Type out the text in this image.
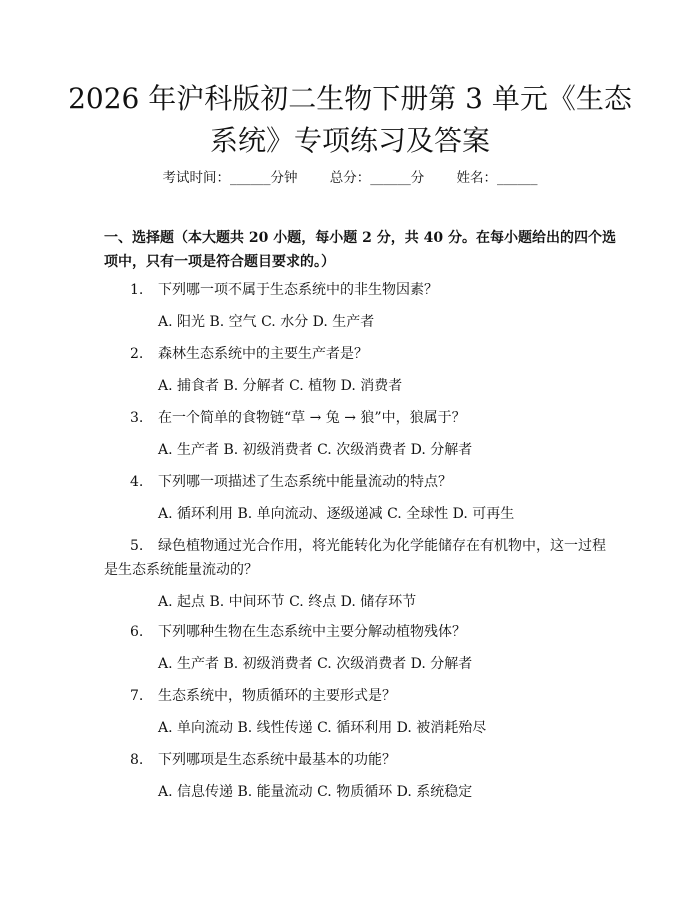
2026 年沪科版初二生物下册第 3 单元《生态
系统》专项练习及答案
考试时间：______分钟 总分：______分 姓名：______
一、选择题（本大题共 20 小题，每小题 2 分，共 40 分。在每小题给出的四个选
项中，只有一项是符合题目要求的。）
1.	下列哪一项不属于生态系统中的非生物因素？
A. 阳光 B. 空气 C. 水分 D. 生产者
2.	森林生态系统中的主要生产者是？
A. 捕食者 B. 分解者 C. 植物 D. 消费者
3.	在一个简单的食物链“草 → 兔 → 狼”中，狼属于？
A. 生产者 B. 初级消费者 C. 次级消费者 D. 分解者
4.	下列哪一项描述了生态系统中能量流动的特点？
A. 循环利用 B. 单向流动、逐级递减 C. 全球性 D. 可再生
5.	绿色植物通过光合作用，将光能转化为化学能储存在有机物中，这一过程
是生态系统能量流动的？
A. 起点 B. 中间环节 C. 终点 D. 储存环节
6.	下列哪种生物在生态系统中主要分解动植物残体？
A. 生产者 B. 初级消费者 C. 次级消费者 D. 分解者
7.	生态系统中，物质循环的主要形式是？
A. 单向流动 B. 线性传递 C. 循环利用 D. 被消耗殆尽
8.	下列哪项是生态系统中最基本的功能？
A. 信息传递 B. 能量流动 C. 物质循环 D. 系统稳定
